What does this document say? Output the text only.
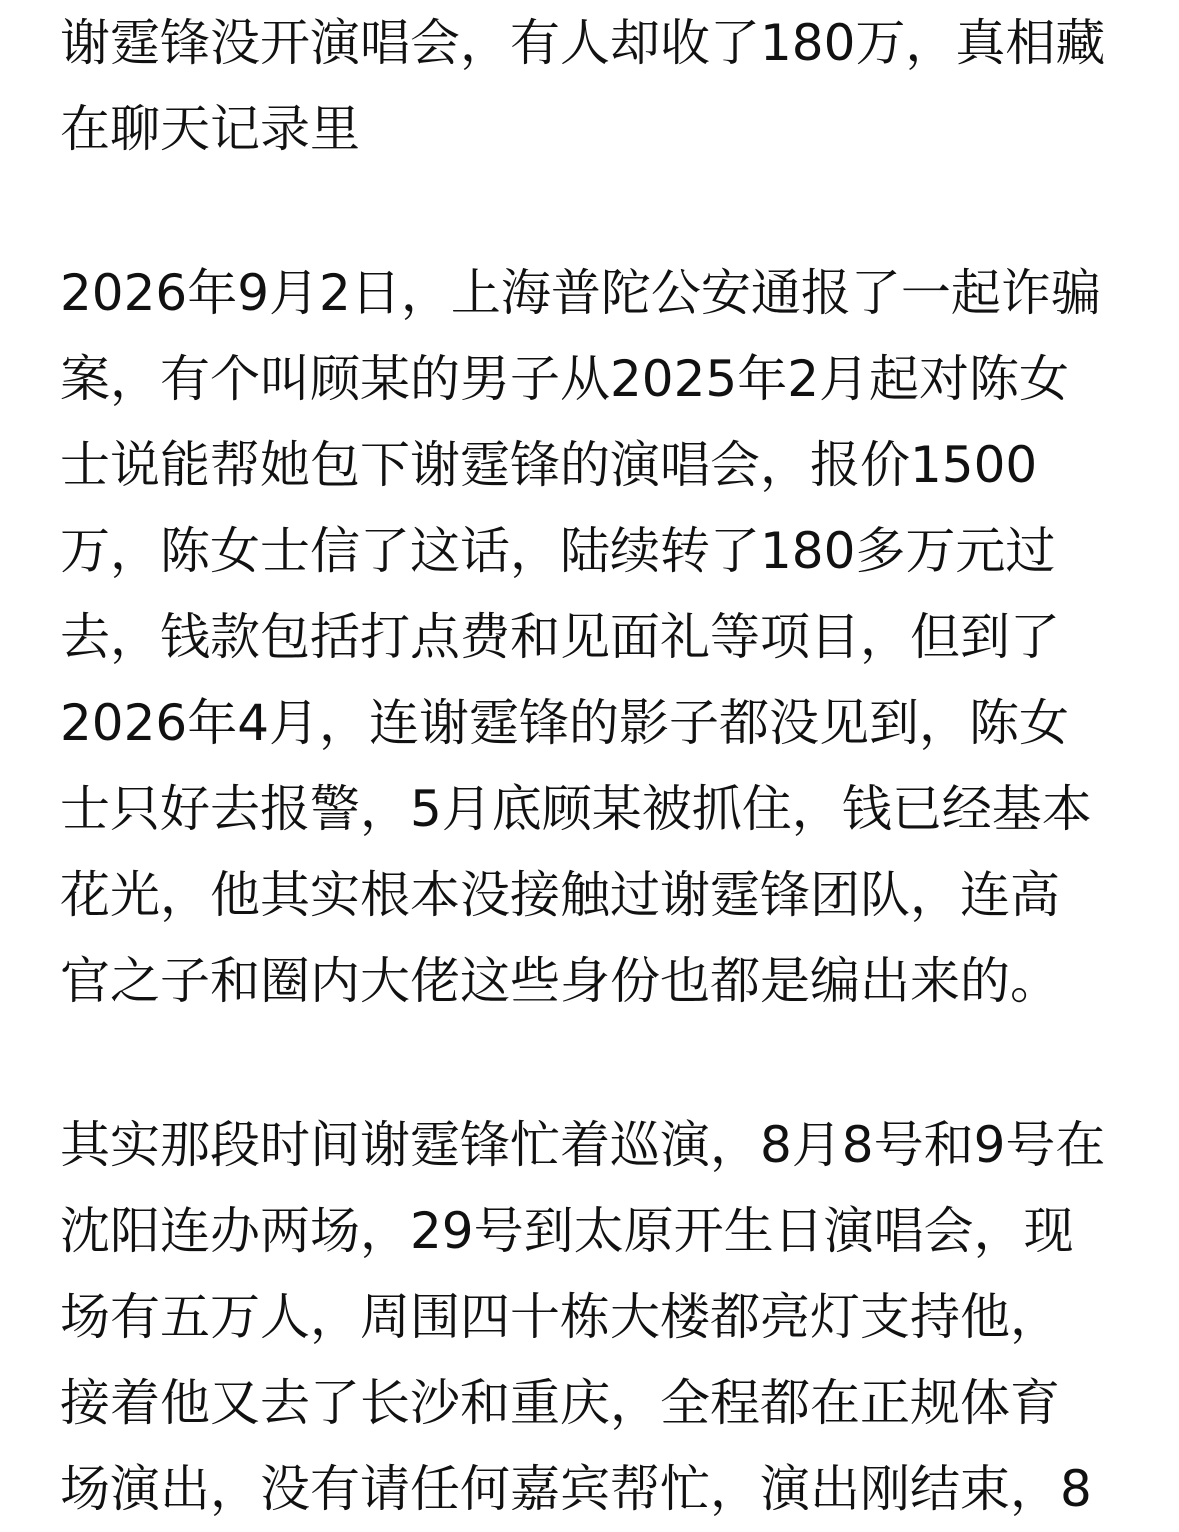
谢霆锋没开演唱会，有人却收了180万，真相藏
在聊天记录里

2026年9月2日，上海普陀公安通报了一起诈骗
案，有个叫顾某的男子从2025年2月起对陈女
士说能帮她包下谢霆锋的演唱会，报价1500
万，陈女士信了这话，陆续转了180多万元过
去，钱款包括打点费和见面礼等项目，但到了
2026年4月，连谢霆锋的影子都没见到，陈女
士只好去报警，5月底顾某被抓住，钱已经基本
花光，他其实根本没接触过谢霆锋团队，连高
官之子和圈内大佬这些身份也都是编出来的。

其实那段时间谢霆锋忙着巡演，8月8号和9号在
沈阳连办两场，29号到太原开生日演唱会，现
场有五万人，周围四十栋大楼都亮灯支持他，
接着他又去了长沙和重庆，全程都在正规体育
场演出，没有请任何嘉宾帮忙，演出刚结束，8
